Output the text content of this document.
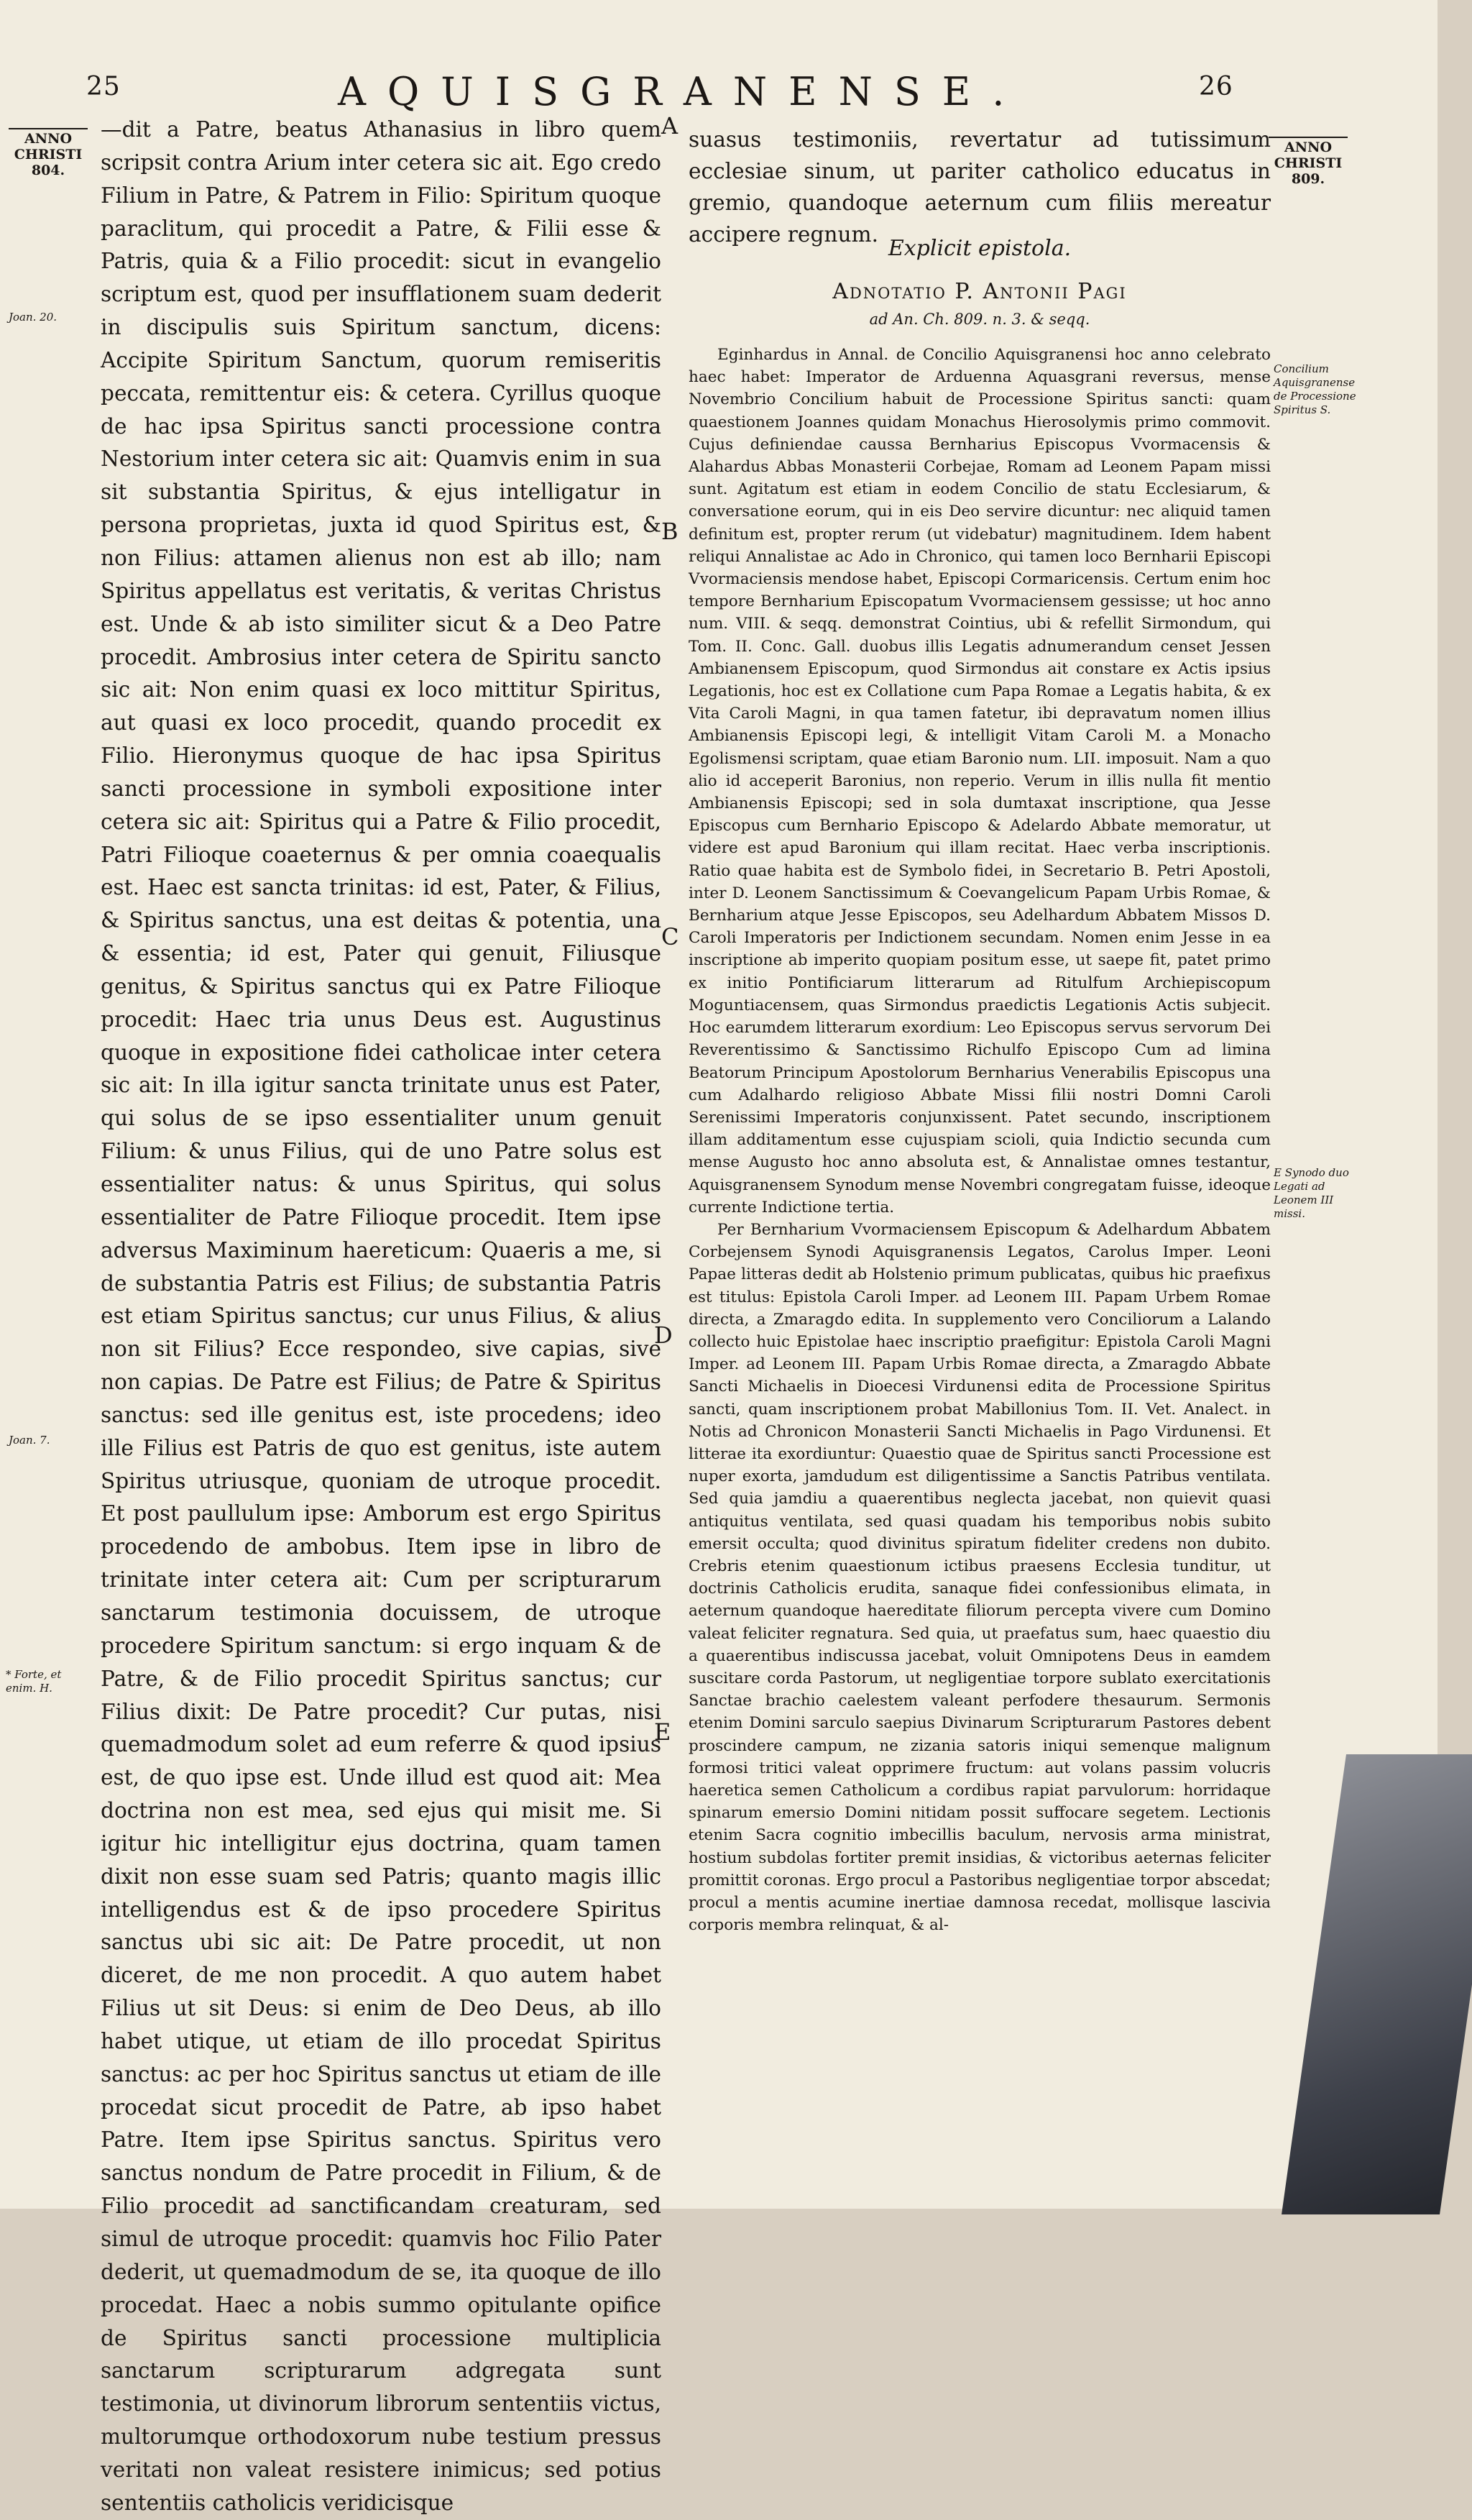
25	AQUISGRANENSE.	26
ANNO
CHRISTI
804.
Joan. 20.
Joan. 7.
* Forte, et enim. H.
ANNO
CHRISTI
809.
Concilium Aquisgranense de Processione Spiritus S.
E Synodo duo Legati ad Leonem III missi.
A
B
C
D
E
—dit a Patre, beatus Athanasius in libro quem scripsit contra Arium inter cetera sic ait. Ego credo Filium in Patre, & Patrem in Filio: Spiritum quoque paraclitum, qui procedit a Patre, & Filii esse & Patris, quia & a Filio procedit: sicut in evangelio scriptum est, quod per insufflationem suam dederit in discipulis suis Spiritum sanctum, dicens: Accipite Spiritum Sanctum, quorum remiseritis peccata, remittentur eis: & cetera. Cyrillus quoque de hac ipsa Spiritus sancti processione contra Nestorium inter cetera sic ait: Quamvis enim in sua sit substantia Spiritus, & ejus intelligatur in persona proprietas, juxta id quod Spiritus est, & non Filius: attamen alienus non est ab illo; nam Spiritus appellatus est veritatis, & veritas Christus est. Unde & ab isto similiter sicut & a Deo Patre procedit. Ambrosius inter cetera de Spiritu sancto sic ait: Non enim quasi ex loco mittitur Spiritus, aut quasi ex loco procedit, quando procedit ex Filio. Hieronymus quoque de hac ipsa Spiritus sancti processione in symboli expositione inter cetera sic ait: Spiritus qui a Patre & Filio procedit, Patri Filioque coaeternus & per omnia coaequalis est. Haec est sancta trinitas: id est, Pater, & Filius, & Spiritus sanctus, una est deitas & potentia, una & essentia; id est, Pater qui genuit, Filiusque genitus, & Spiritus sanctus qui ex Patre Filioque procedit: Haec tria unus Deus est. Augustinus quoque in expositione fidei catholicae inter cetera sic ait: In illa igitur sancta trinitate unus est Pater, qui solus de se ipso essentialiter unum genuit Filium: & unus Filius, qui de uno Patre solus est essentialiter natus: & unus Spiritus, qui solus essentialiter de Patre Filioque procedit. Item ipse adversus Maximinum haereticum: Quaeris a me, si de substantia Patris est Filius; de substantia Patris est etiam Spiritus sanctus; cur unus Filius, & alius non sit Filius? Ecce respondeo, sive capias, sive non capias. De Patre est Filius; de Patre & Spiritus sanctus: sed ille genitus est, iste procedens; ideo ille Filius est Patris de quo est genitus, iste autem Spiritus utriusque, quoniam de utroque procedit. Et post paullulum ipse: Amborum est ergo Spiritus procedendo de ambobus. Item ipse in libro de trinitate inter cetera ait: Cum per scripturarum sanctarum testimonia docuissem, de utroque procedere Spiritum sanctum: si ergo inquam & de Patre, & de Filio procedit Spiritus sanctus; cur Filius dixit: De Patre procedit? Cur putas, nisi quemadmodum solet ad eum referre & quod ipsius est, de quo ipse est. Unde illud est quod ait: Mea doctrina non est mea, sed ejus qui misit me. Si igitur hic intelligitur ejus doctrina, quam tamen dixit non esse suam sed Patris; quanto magis illic intelligendus est & de ipso procedere Spiritus sanctus ubi sic ait: De Patre procedit, ut non diceret, de me non procedit. A quo autem habet Filius ut sit Deus: si enim de Deo Deus, ab illo habet utique, ut etiam de illo procedat Spiritus sanctus: ac per hoc Spiritus sanctus ut etiam de ille procedat sicut procedit de Patre, ab ipso habet Patre. Item ipse Spiritus sanctus. Spiritus vero sanctus nondum de Patre procedit in Filium, & de Filio procedit ad sanctificandam creaturam, sed simul de utroque procedit: quamvis hoc Filio Pater dederit, ut quemadmodum de se, ita quoque de illo procedat. Haec a nobis summo opitulante opifice de Spiritus sancti processione multiplicia sanctarum scripturarum adgregata sunt testimonia, ut divinorum librorum sententiis victus, multorumque orthodoxorum nube testium pressus veritati non valeat resistere inimicus; sed potius sententiis catholicis veridicisque
suasus testimoniis, revertatur ad tutissimum ecclesiae sinum, ut pariter catholico educatus in gremio, quandoque aeternum cum filiis mereatur accipere regnum.
Explicit epistola.
Adnotatio P. Antonii Pagi
ad An. Ch. 809. n. 3. & seqq.

Eginhardus in Annal. de Concilio Aquisgranensi hoc anno celebrato haec habet: Imperator de Arduenna Aquasgrani reversus, mense Novembrio Concilium habuit de Processione Spiritus sancti: quam quaestionem Joannes quidam Monachus Hierosolymis primo commovit. Cujus definiendae caussa Bernharius Episcopus Vvormacensis & Alahardus Abbas Monasterii Corbejae, Romam ad Leonem Papam missi sunt. Agitatum est etiam in eodem Concilio de statu Ecclesiarum, & conversatione eorum, qui in eis Deo servire dicuntur: nec aliquid tamen definitum est, propter rerum (ut videbatur) magnitudinem. Idem habent reliqui Annalistae ac Ado in Chronico, qui tamen loco Bernharii Episcopi Vvormaciensis mendose habet, Episcopi Cormaricensis. Certum enim hoc tempore Bernharium Episcopatum Vvormaciensem gessisse; ut hoc anno num. VIII. & seqq. demonstrat Cointius, ubi & refellit Sirmondum, qui Tom. II. Conc. Gall. duobus illis Legatis adnumerandum censet Jessen Ambianensem Episcopum, quod Sirmondus ait constare ex Actis ipsius Legationis, hoc est ex Collatione cum Papa Romae a Legatis habita, & ex Vita Caroli Magni, in qua tamen fatetur, ibi depravatum nomen illius Ambianensis Episcopi legi, & intelligit Vitam Caroli M. a Monacho Egolismensi scriptam, quae etiam Baronio num. LII. imposuit. Nam a quo alio id acceperit Baronius, non reperio. Verum in illis nulla fit mentio Ambianensis Episcopi; sed in sola dumtaxat inscriptione, qua Jesse Episcopus cum Bernhario Episcopo & Adelardo Abbate memoratur, ut videre est apud Baronium qui illam recitat. Haec verba inscriptionis. Ratio quae habita est de Symbolo fidei, in Secretario B. Petri Apostoli, inter D. Leonem Sanctissimum & Coevangelicum Papam Urbis Romae, & Bernharium atque Jesse Episcopos, seu Adelhardum Abbatem Missos D. Caroli Imperatoris per Indictionem secundam. Nomen enim Jesse in ea inscriptione ab imperito quopiam positum esse, ut saepe fit, patet primo ex initio Pontificiarum litterarum ad Ritulfum Archiepiscopum Moguntiacensem, quas Sirmondus praedictis Legationis Actis subjecit. Hoc earumdem litterarum exordium: Leo Episcopus servus servorum Dei Reverentissimo & Sanctissimo Richulfo Episcopo Cum ad limina Beatorum Principum Apostolorum Bernharius Venerabilis Episcopus una cum Adalhardo religioso Abbate Missi filii nostri Domni Caroli Serenissimi Imperatoris conjunxissent. Patet secundo, inscriptionem illam additamentum esse cujuspiam scioli, quia Indictio secunda cum mense Augusto hoc anno absoluta est, & Annalistae omnes testantur, Aquisgranensem Synodum mense Novembri congregatam fuisse, ideoque currente Indictione tertia.

Per Bernharium Vvormaciensem Episcopum & Adelhardum Abbatem Corbejensem Synodi Aquisgranensis Legatos, Carolus Imper. Leoni Papae litteras dedit ab Holstenio primum publicatas, quibus hic praefixus est titulus: Epistola Caroli Imper. ad Leonem III. Papam Urbem Romae directa, a Zmaragdo edita. In supplemento vero Conciliorum a Lalando collecto huic Epistolae haec inscriptio praefigitur: Epistola Caroli Magni Imper. ad Leonem III. Papam Urbis Romae directa, a Zmaragdo Abbate Sancti Michaelis in Dioecesi Virdunensi edita de Processione Spiritus sancti, quam inscriptionem probat Mabillonius Tom. II. Vet. Analect. in Notis ad Chronicon Monasterii Sancti Michaelis in Pago Virdunensi. Et litterae ita exordiuntur: Quaestio quae de Spiritus sancti Processione est nuper exorta, jamdudum est diligentissime a Sanctis Patribus ventilata. Sed quia jamdiu a quaerentibus neglecta jacebat, non quievit quasi antiquitus ventilata, sed quasi quadam his temporibus nobis subito emersit occulta; quod divinitus spiratum fideliter credens non dubito. Crebris etenim quaestionum ictibus praesens Ecclesia tunditur, ut doctrinis Catholicis erudita, sanaque fidei confessionibus elimata, in aeternum quandoque haereditate filiorum percepta vivere cum Domino valeat feliciter regnatura. Sed quia, ut praefatus sum, haec quaestio diu a quaerentibus indiscussa jacebat, voluit Omnipotens Deus in eamdem suscitare corda Pastorum, ut negligentiae torpore sublato exercitationis Sanctae brachio caelestem valeant perfodere thesaurum. Sermonis etenim Domini sarculo saepius Divinarum Scripturarum Pastores debent proscindere campum, ne zizania satoris iniqui semenque malignum formosi tritici valeat opprimere fructum: aut volans passim volucris haeretica semen Catholicum a cordibus rapiat parvulorum: horridaque spinarum emersio Domini nitidam possit suffocare segetem. Lectionis etenim Sacra cognitio imbecillis baculum, nervosis arma ministrat, hostium subdolas fortiter premit insidias, & victoribus aeternas feliciter promittit coronas. Ergo procul a Pastoribus negligentiae torpor abscedat; procul a mentis acumine inertiae damnosa recedat, mollisque lascivia corporis membra relinquat, & al-
